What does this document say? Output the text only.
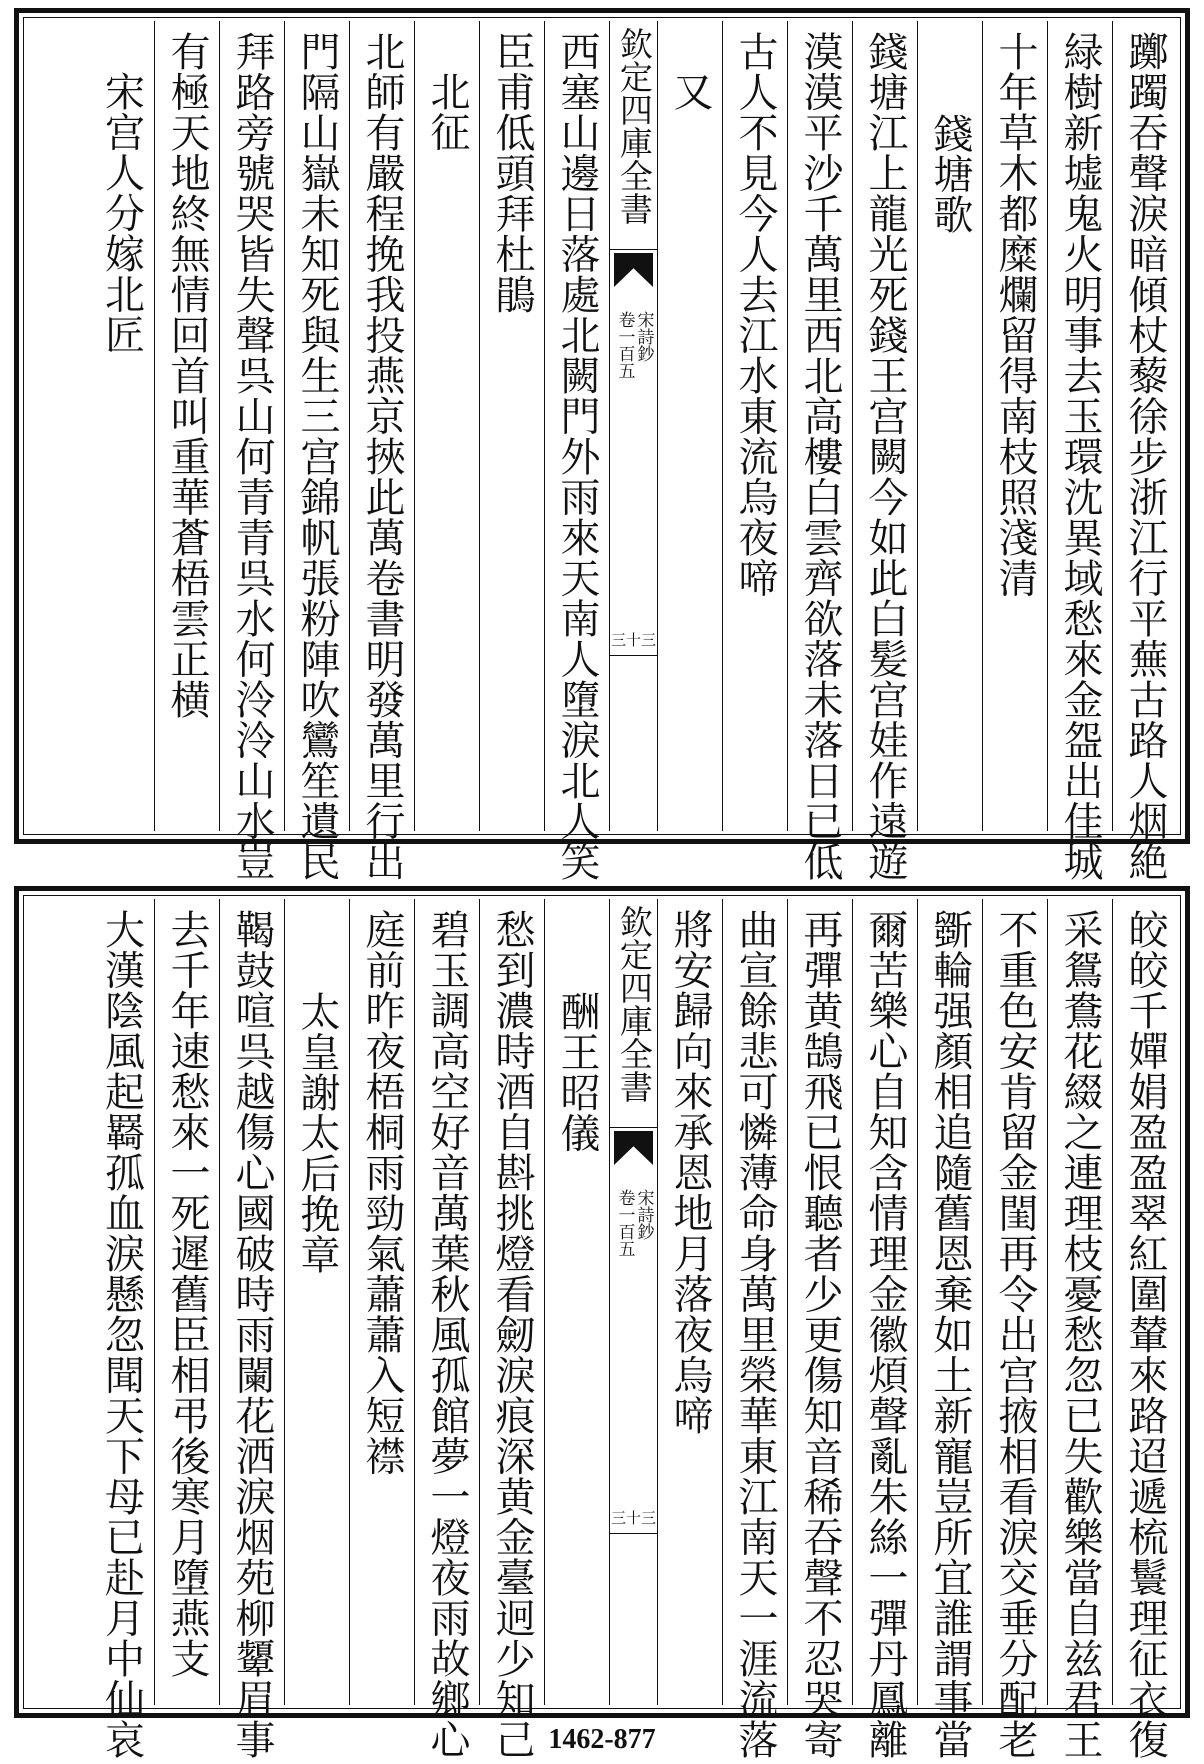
躑躅吞聲淚暗傾杖藜徐步浙江行平蕪古路人烟絶
緑樹新墟鬼火明事去玉環沈異域愁來金盌出佳城
十年草木都糜爛留得南枝照淺清
錢塘歌
錢塘江上龍光死錢王宫闕今如此白髪宫娃作遠遊
漠漠平沙千萬里西北高樓白雲齊欲落未落日已低
古人不見今人去江水東流烏夜啼
又
欽定四庫全書
宋詩鈔
卷一百五
三十三
西塞山邊日落處北闕門外雨來天南人墮淚北人笑
臣甫低頭拜杜鵑
北征
北師有嚴程挽我投燕京挾此萬卷書明發萬里行出
門隔山嶽未知死與生三宫錦帆張粉陣吹鸞笙遺民
拜路旁號哭皆失聲呉山何青青呉水何泠泠山水豈
有極天地終無情回首叫重華蒼梧雲正横
宋宫人分嫁北匠
皎皎千嬋娟盈盈翠紅圍輦來路迢遞梳鬟理征衣復
采鴛鴦花綴之連理枝憂愁忽已失歡樂當自兹君王
不重色安肯留金閨再令出宫掖相看淚交垂分配老
斵輪强顏相追隨舊恩棄如土新寵豈所宜誰謂事當
爾苦樂心自知含情理金徽煩聲亂朱絲一彈丹鳳離
再彈黄鵠飛已恨聽者少更傷知音稀吞聲不忍哭寄
曲宣餘悲可憐薄命身萬里榮華東江南天一涯流落
將安歸向來承恩地月落夜烏啼
欽定四庫全書
宋詩鈔
卷一百五
三十三
酬王昭儀
愁到濃時酒自斟挑燈看劒淚痕深黄金臺迥少知己
碧玉調高空好音萬葉秋風孤館夢一燈夜雨故鄉心
庭前昨夜梧桐雨勁氣蕭蕭入短襟
太皇謝太后挽章
鞨鼓喧呉越傷心國破時雨闌花洒淚烟苑柳顰眉事
去千年速愁來一死遲舊臣相弔後寒月墮燕支
大漢陰風起羇孤血淚懸忽聞天下母已赴月中仙哀	1462-877
